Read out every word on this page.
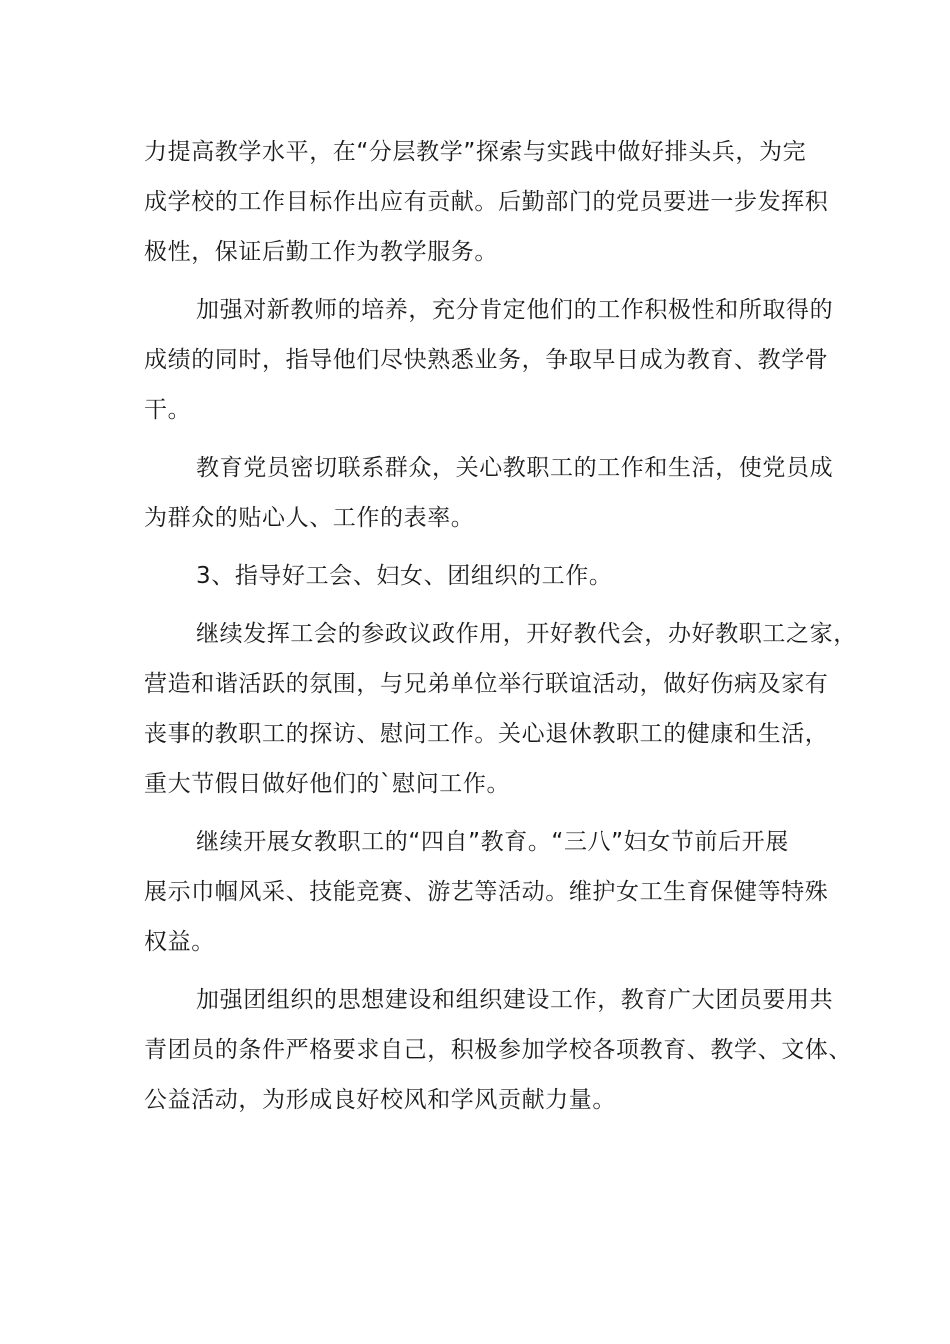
力提高教学水平，在“分层教学”探索与实践中做好排头兵，为完
成学校的工作目标作出应有贡献。后勤部门的党员要进一步发挥积
极性，保证后勤工作为教学服务。

加强对新教师的培养，充分肯定他们的工作积极性和所取得的
成绩的同时，指导他们尽快熟悉业务，争取早日成为教育、教学骨
干。

教育党员密切联系群众，关心教职工的工作和生活，使党员成
为群众的贴心人、工作的表率。

3、指导好工会、妇女、团组织的工作。

继续发挥工会的参政议政作用，开好教代会，办好教职工之家，
营造和谐活跃的氛围，与兄弟单位举行联谊活动，做好伤病及家有
丧事的教职工的探访、慰问工作。关心退休教职工的健康和生活，
重大节假日做好他们的`慰问工作。

继续开展女教职工的“四自”教育。“三八”妇女节前后开展
展示巾帼风采、技能竞赛、游艺等活动。维护女工生育保健等特殊
权益。

加强团组织的思想建设和组织建设工作，教育广大团员要用共
青团员的条件严格要求自己，积极参加学校各项教育、教学、文体、
公益活动，为形成良好校风和学风贡献力量。
